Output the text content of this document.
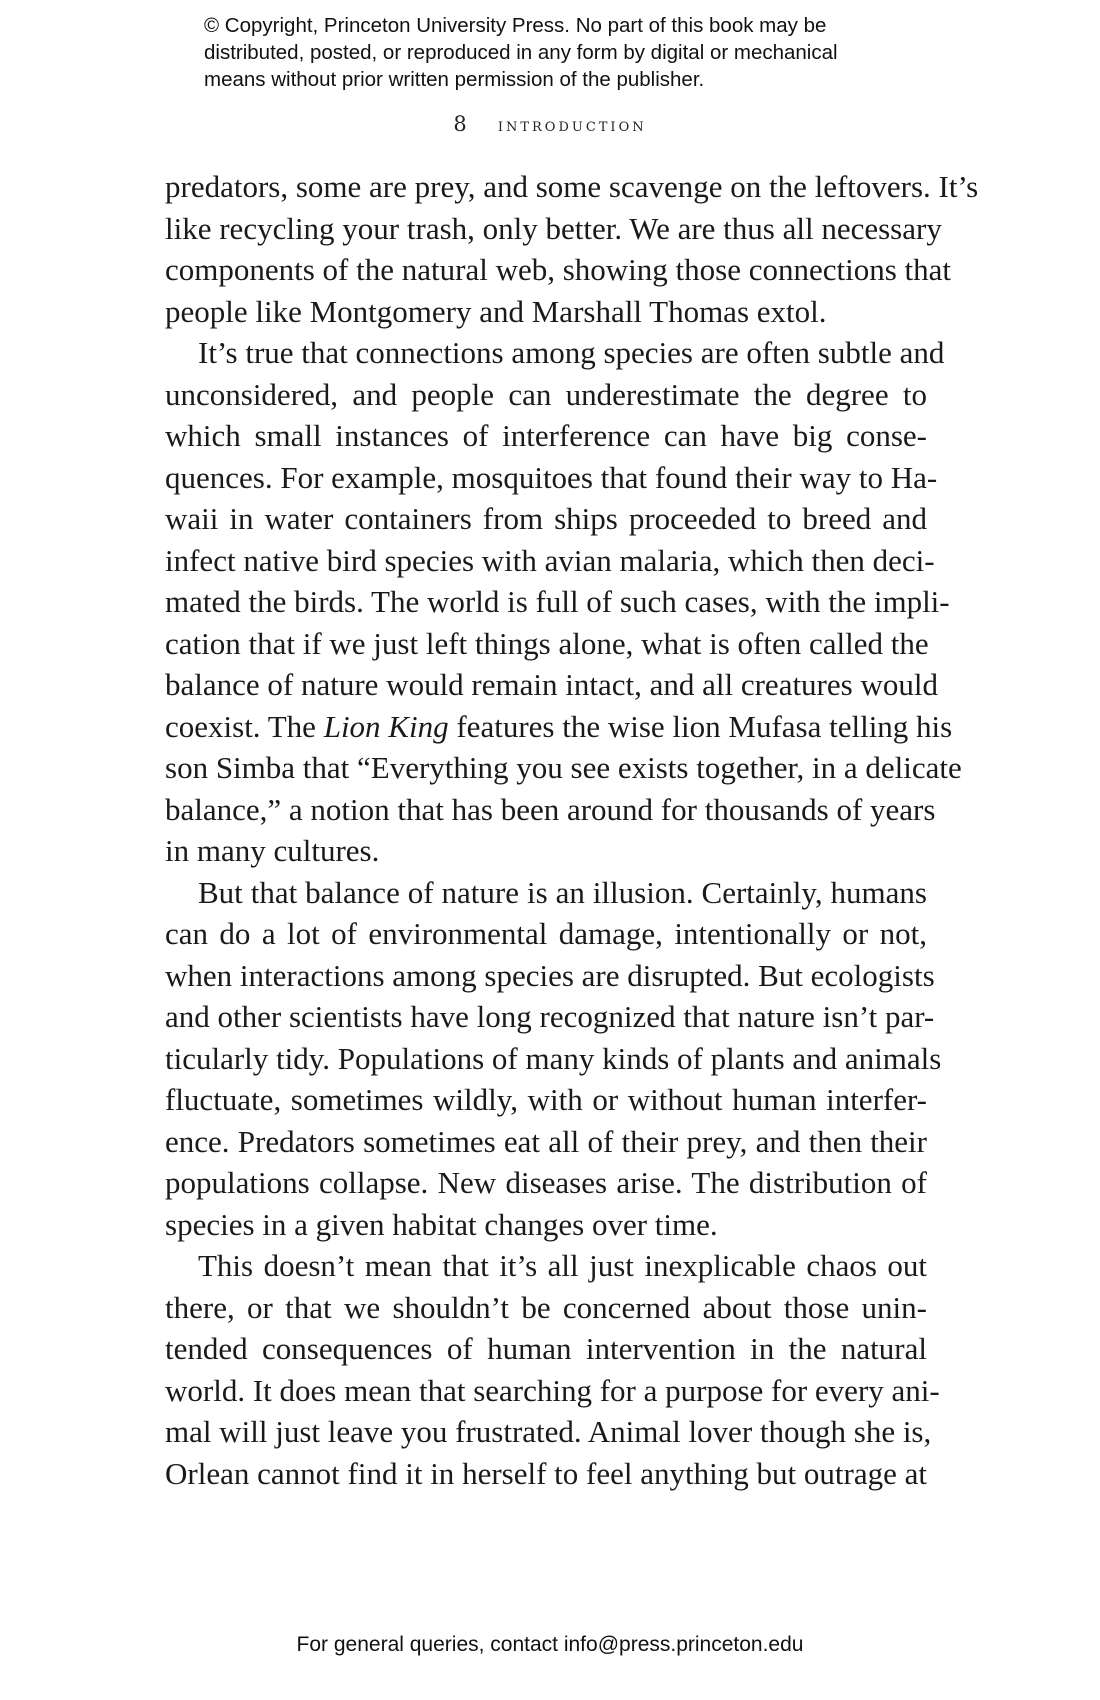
© Copyright, Princeton University Press. No part of this book may be
distributed, posted, or reproduced in any form by digital or mechanical
means without prior written permission of the publisher.
8 introduction
predators, some are prey, and some scavenge on the leftovers. It’s
like recycling your trash, only better. We are thus all necessary
components of the natural web, showing those connections that
people like Montgomery and Marshall Thomas extol.
It’s true that connections among species are often subtle and
unconsidered, and people can underestimate the degree to
which small instances of interference can have big conse-
quences. For example, mosquitoes that found their way to Ha-
waii in water containers from ships proceeded to breed and
infect native bird species with avian malaria, which then deci-
mated the birds. The world is full of such cases, with the impli-
cation that if we just left things alone, what is often called the
balance of nature would remain intact, and all creatures would
coexist. The Lion King features the wise lion Mufasa telling his
son Simba that “Everything you see exists together, in a delicate
balance,” a notion that has been around for thousands of years
in many cultures.
But that balance of nature is an illusion. Certainly, humans
can do a lot of environmental damage, intentionally or not,
when interactions among species are disrupted. But ecologists
and other scientists have long recognized that nature isn’t par-
ticularly tidy. Populations of many kinds of plants and animals
fluctuate, sometimes wildly, with or without human interfer-
ence. Predators sometimes eat all of their prey, and then their
populations collapse. New diseases arise. The distribution of
species in a given habitat changes over time.
This doesn’t mean that it’s all just inexplicable chaos out
there, or that we shouldn’t be concerned about those unin-
tended consequences of human intervention in the natural
world. It does mean that searching for a purpose for every ani-
mal will just leave you frustrated. Animal lover though she is,
Orlean cannot find it in herself to feel anything but outrage at
For general queries, contact info@press.princeton.edu
